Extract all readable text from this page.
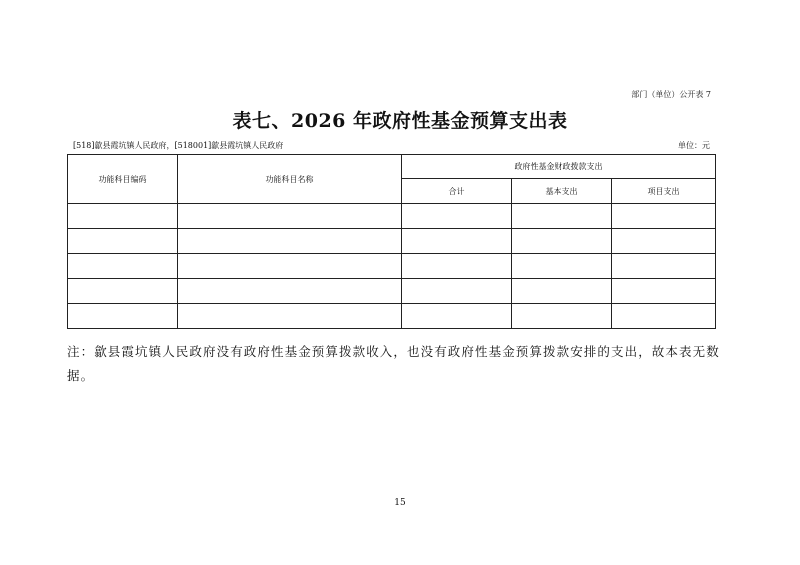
部门（单位）公开表 7
表七、2026 年政府性基金预算支出表
[518]歙县霞坑镇人民政府，[518001]歙县霞坑镇人民政府	单位：元
功能科目编码	功能科目名称	政府性基金财政拨款支出		
		合计	基本支出	项目支出

注：歙县霞坑镇人民政府没有政府性基金预算拨款收入，也没有政府性基金预算拨款安排的支出，故本表无数据。
15
